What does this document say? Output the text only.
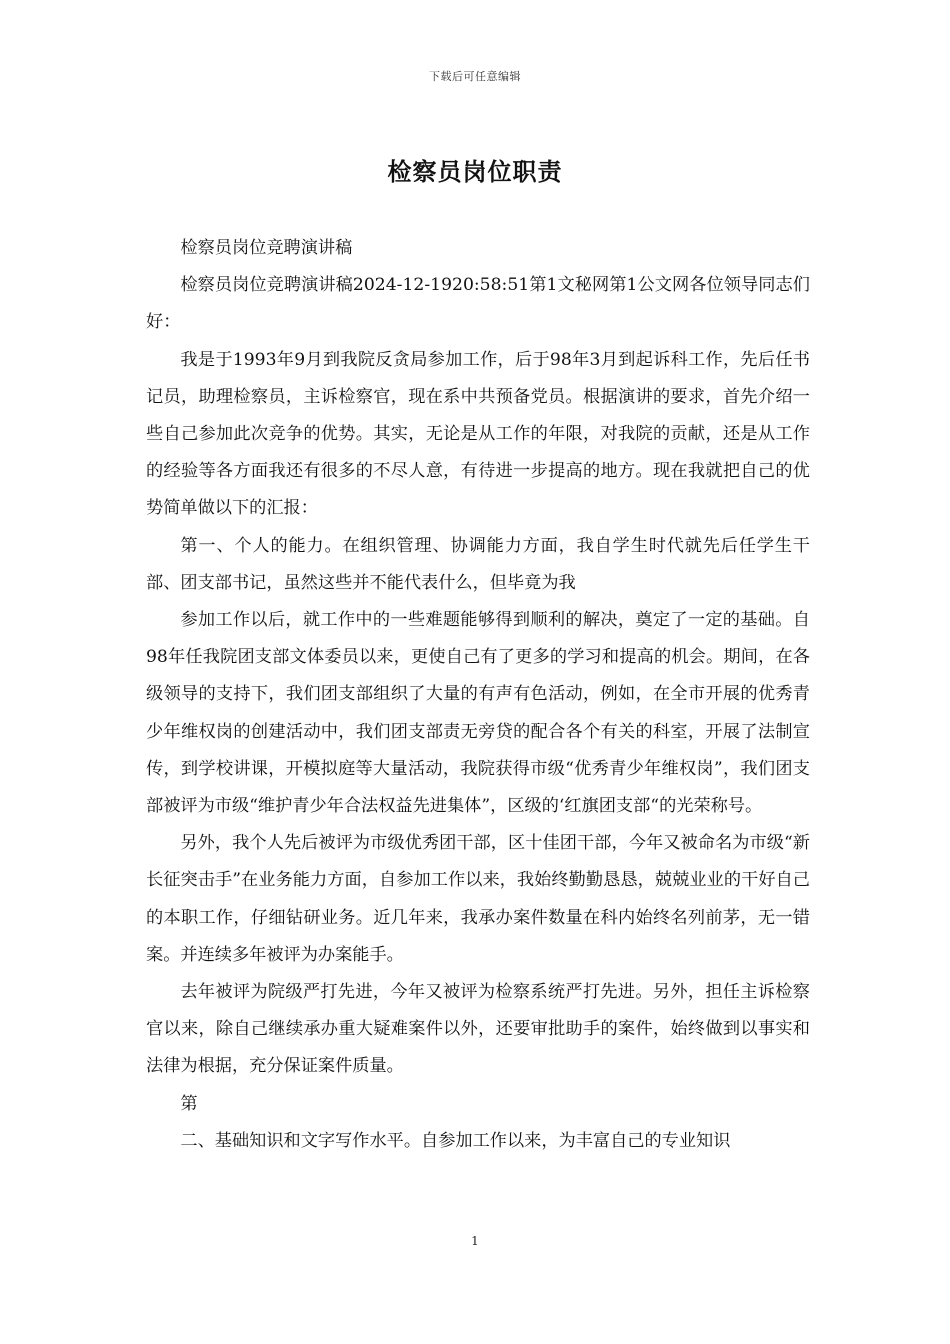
下载后可任意编辑
检察员岗位职责

检察员岗位竞聘演讲稿

检察员岗位竞聘演讲稿2024-12-1920:58:51第1文秘网第1公文网各位领导同志们好：

我是于1993年9月到我院反贪局参加工作，后于98年3月到起诉科工作，先后任书记员，助理检察员，主诉检察官，现在系中共预备党员。根据演讲的要求，首先介绍一些自己参加此次竞争的优势。其实，无论是从工作的年限，对我院的贡献，还是从工作的经验等各方面我还有很多的不尽人意，有待进一步提高的地方。现在我就把自己的优势简单做以下的汇报：

第一、个人的能力。在组织管理、协调能力方面，我自学生时代就先后任学生干部、团支部书记，虽然这些并不能代表什么，但毕竟为我

参加工作以后，就工作中的一些难题能够得到顺利的解决，奠定了一定的基础。自98年任我院团支部文体委员以来，更使自己有了更多的学习和提高的机会。期间，在各级领导的支持下，我们团支部组织了大量的有声有色活动，例如，在全市开展的优秀青少年维权岗的创建活动中，我们团支部责无旁贷的配合各个有关的科室，开展了法制宣传，到学校讲课，开模拟庭等大量活动，我院获得市级“优秀青少年维权岗”，我们团支部被评为市级“维护青少年合法权益先进集体”，区级的‘红旗团支部“的光荣称号。

另外，我个人先后被评为市级优秀团干部，区十佳团干部，今年又被命名为市级“新长征突击手”在业务能力方面，自参加工作以来，我始终勤勤恳恳，兢兢业业的干好自己的本职工作，仔细钻研业务。近几年来，我承办案件数量在科内始终名列前茅，无一错案。并连续多年被评为办案能手。

去年被评为院级严打先进，今年又被评为检察系统严打先进。另外，担任主诉检察官以来，除自己继续承办重大疑难案件以外，还要审批助手的案件，始终做到以事实和法律为根据，充分保证案件质量。

第

二、基础知识和文字写作水平。自参加工作以来，为丰富自己的专业知识

1
